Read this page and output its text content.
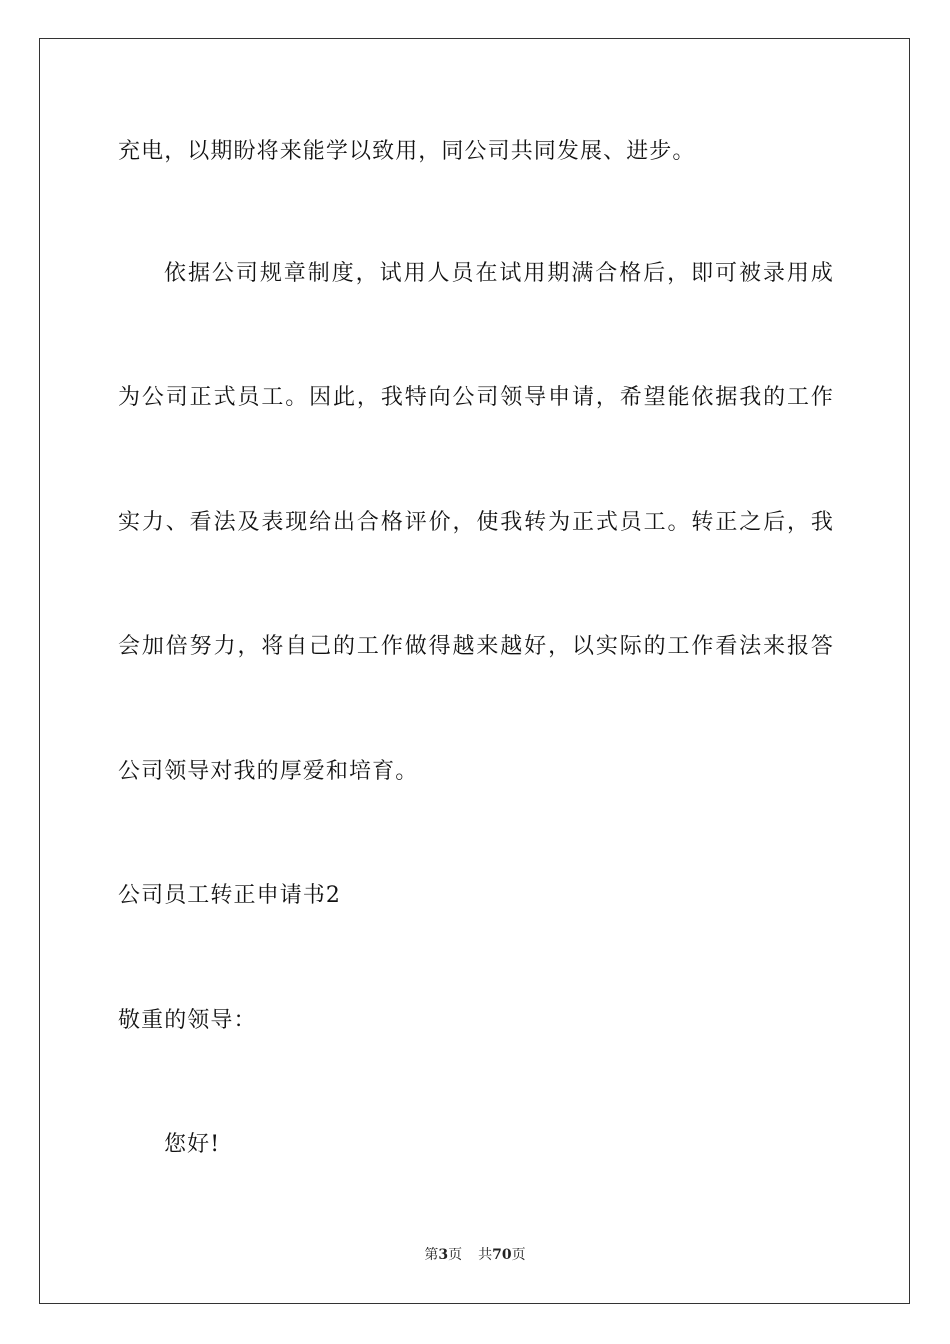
充电，以期盼将来能学以致用，同公司共同发展、进步。
依据公司规章制度，试用人员在试用期满合格后，即可被录用成
为公司正式员工。因此，我特向公司领导申请，希望能依据我的工作
实力、看法及表现给出合格评价，使我转为正式员工。转正之后，我
会加倍努力，将自己的工作做得越来越好，以实际的工作看法来报答
公司领导对我的厚爱和培育。
公司员工转正申请书2
敬重的领导：
您好!
第3页 共70页
